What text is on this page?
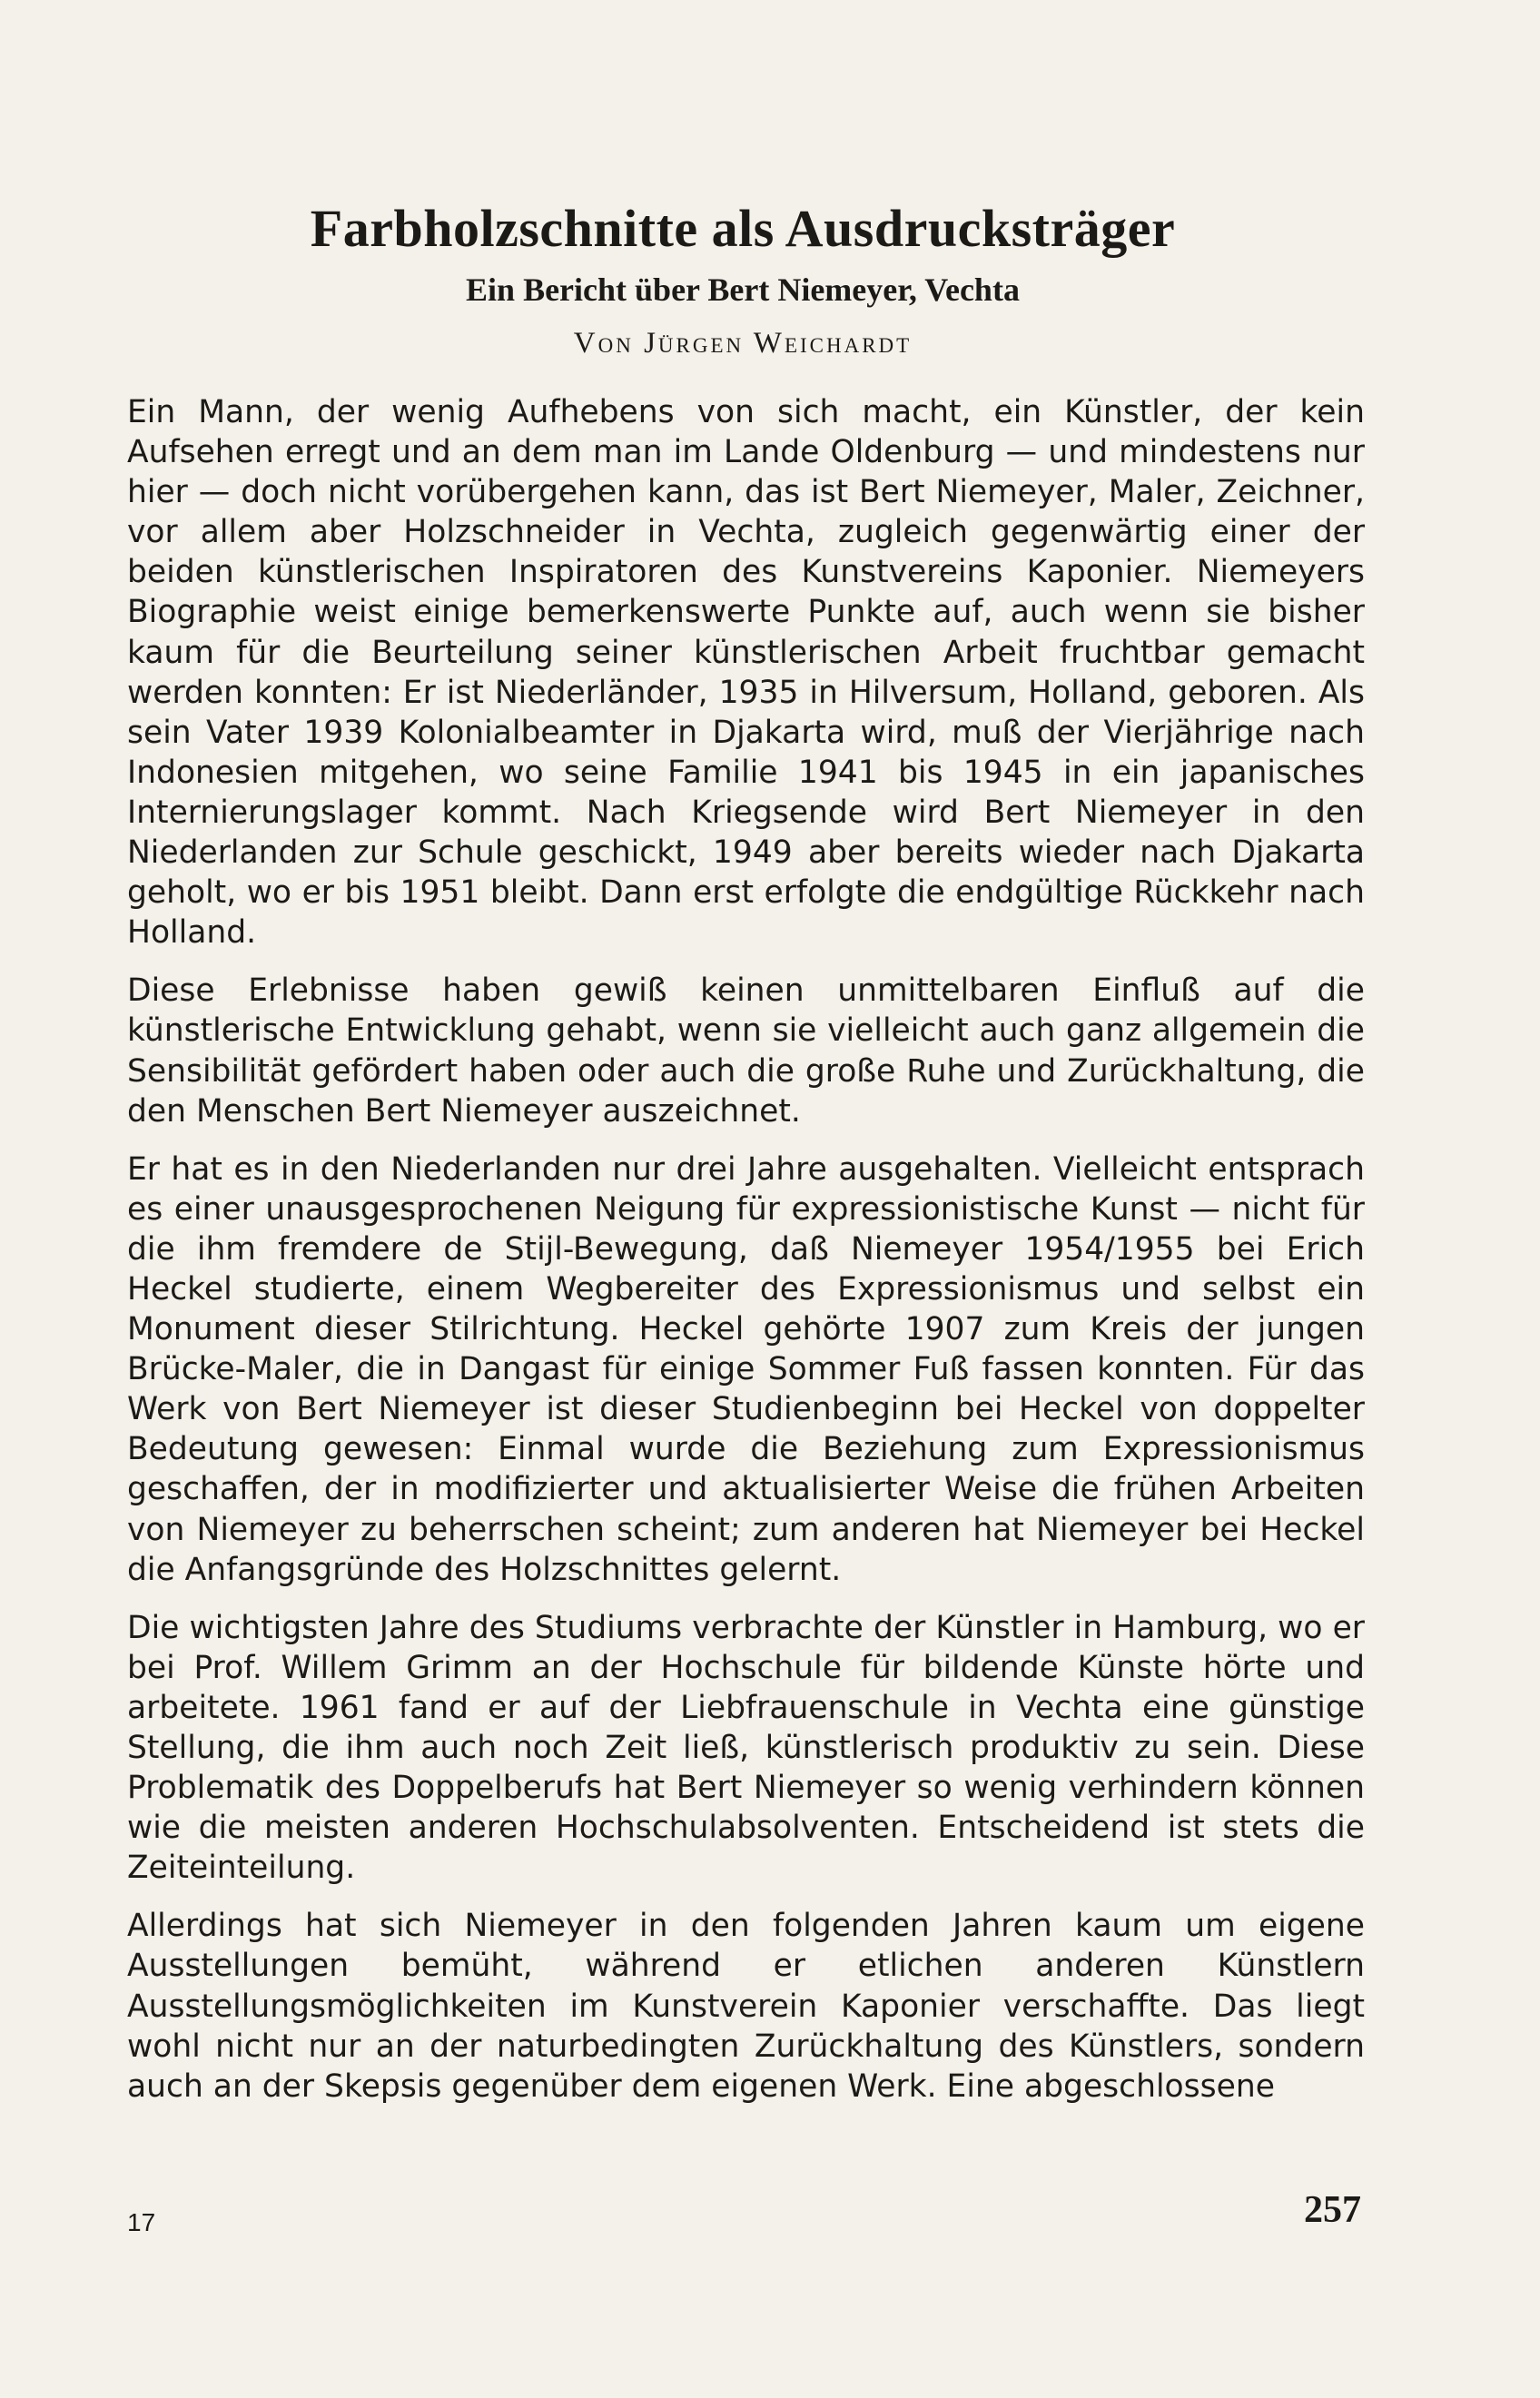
Farbholzschnitte als Ausdrucksträger
Ein Bericht über Bert Niemeyer, Vechta
Von Jürgen Weichardt

Ein Mann, der wenig Aufhebens von sich macht, ein Künstler, der kein Aufsehen erregt und an dem man im Lande Oldenburg — und mindestens nur hier — doch nicht vorübergehen kann, das ist Bert Niemeyer, Maler, Zeichner, vor allem aber Holzschneider in Vechta, zugleich gegenwärtig einer der beiden künstlerischen Inspiratoren des Kunstvereins Kaponier. Niemeyers Biographie weist einige bemerkenswerte Punkte auf, auch wenn sie bisher kaum für die Beurteilung seiner künstlerischen Arbeit fruchtbar gemacht werden konnten: Er ist Niederländer, 1935 in Hilversum, Holland, geboren. Als sein Vater 1939 Kolonialbeamter in Djakarta wird, muß der Vierjährige nach Indonesien mitgehen, wo seine Familie 1941 bis 1945 in ein japanisches Internierungslager kommt. Nach Kriegsende wird Bert Niemeyer in den Niederlanden zur Schule geschickt, 1949 aber bereits wieder nach Djakarta geholt, wo er bis 1951 bleibt. Dann erst erfolgte die endgültige Rückkehr nach Holland.

Diese Erlebnisse haben gewiß keinen unmittelbaren Einfluß auf die künstlerische Entwicklung gehabt, wenn sie vielleicht auch ganz allgemein die Sensibilität gefördert haben oder auch die große Ruhe und Zurückhaltung, die den Menschen Bert Niemeyer auszeichnet.

Er hat es in den Niederlanden nur drei Jahre ausgehalten. Vielleicht entsprach es einer unausgesprochenen Neigung für expressionistische Kunst — nicht für die ihm fremdere de Stijl-Bewegung, daß Niemeyer 1954/1955 bei Erich Heckel studierte, einem Wegbereiter des Expressionismus und selbst ein Monument dieser Stilrichtung. Heckel gehörte 1907 zum Kreis der jungen Brücke-Maler, die in Dangast für einige Sommer Fuß fassen konnten. Für das Werk von Bert Niemeyer ist dieser Studienbeginn bei Heckel von doppelter Bedeutung gewesen: Einmal wurde die Beziehung zum Expressionismus geschaffen, der in modifizierter und aktualisierter Weise die frühen Arbeiten von Niemeyer zu beherrschen scheint; zum anderen hat Niemeyer bei Heckel die Anfangsgründe des Holzschnittes gelernt.

Die wichtigsten Jahre des Studiums verbrachte der Künstler in Hamburg, wo er bei Prof. Willem Grimm an der Hochschule für bildende Künste hörte und arbeitete. 1961 fand er auf der Liebfrauenschule in Vechta eine günstige Stellung, die ihm auch noch Zeit ließ, künstlerisch produktiv zu sein. Diese Problematik des Doppelberufs hat Bert Niemeyer so wenig verhindern können wie die meisten anderen Hochschulabsolventen. Entscheidend ist stets die Zeiteinteilung.

Allerdings hat sich Niemeyer in den folgenden Jahren kaum um eigene Ausstellungen bemüht, während er etlichen anderen Künstlern Ausstellungsmöglichkeiten im Kunstverein Kaponier verschaffte. Das liegt wohl nicht nur an der naturbedingten Zurückhaltung des Künstlers, sondern auch an der Skepsis gegenüber dem eigenen Werk. Eine abgeschlossene

17	257
